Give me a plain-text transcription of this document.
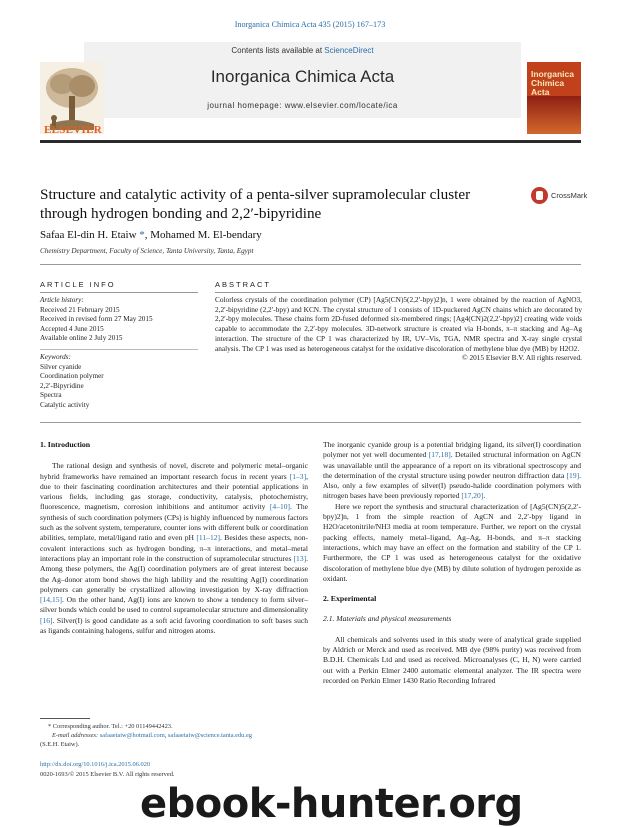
Inorganica Chimica Acta 435 (2015) 167–173
Contents lists available at ScienceDirect
Inorganica Chimica Acta
journal homepage: www.elsevier.com/locate/ica
ELSEVIER
Inorganica
Chimica Acta
Structure and catalytic activity of a penta-silver supramolecular cluster through hydrogen bonding and 2,2′-bipyridine
CrossMark
Safaa El-din H. Etaiw *, Mohamed M. El-bendary
Chemistry Department, Faculty of Science, Tanta University, Tanta, Egypt
ARTICLE INFO
Article history:
Received 21 February 2015
Received in revised form 27 May 2015
Accepted 4 June 2015
Available online 2 July 2015
Keywords:
Silver cyanide
Coordination polymer
2,2′-Bipyridine
Spectra
Catalytic activity
ABSTRACT
Colorless crystals of the coordination polymer (CP) [Ag5(CN)5(2,2′-bpy)2]n, 1 were obtained by the reaction of AgNO3, 2,2′-bipyridine (2,2′-bpy) and KCN. The crystal structure of 1 consists of 1D-puckered AgCN chains which are decorated by 2,2′-bpy molecules. These chains form 2D-fused deformed six-membered rings; [Ag4(CN)2(2,2′-bpy)2] creating wide voids capable to accommodate the 2,2′-bpy molecules. 3D-network structure is created via H-bonds, π–π stacking and Ag–Ag interaction. The structure of the CP 1 was characterized by IR, UV–Vis, TGA, NMR spectra and X-ray single crystal analysis. The CP 1 was used as heterogeneous catalyst for the oxidative discoloration of methylene blue dye (MB) by H2O2.
© 2015 Elsevier B.V. All rights reserved.
1. Introduction

The rational design and synthesis of novel, discrete and polymeric metal–organic hybrid frameworks have remained an important research focus in recent years [1–3], due to their fascinating coordination architectures and their potential applications in various fields, including gas storage, conductivity, catalysis, photochemistry, fluorescence, magnetism, corrosion inhibitions and antitumor activity [4–10]. The synthesis of such coordination polymers (CPs) is highly influenced by numerous factors such as the solvent system, temperature, counter ions with different bulk or coordination abilities, template, metal/ligand ratio and even pH [11–12]. Besides these aspects, non-covalent interactions such as hydrogen bonding, π–π interactions, and metal–metal interactions play an important role in the construction of supramolecular structures [13]. Among these polymers, the Ag(I) coordination polymers are of great interest because the Ag–donor atom bond shows the high lability and the resulting Ag(I) coordination polymers can generally be crystallized allowing investigation by X-ray diffraction [14,15]. On the other hand, Ag(I) ions are known to show a tendency to form silver–silver bonds which could be used to control supramolecular structure and dimensionality [16]. Silver(I) is good candidate as a soft acid favoring coordination to soft bases such as ligands containing halogens, sulfur and nitrogen atoms.

The inorganic cyanide group is a potential bridging ligand, its silver(I) coordination polymer not yet well documented [17,18]. Detailed structural information on AgCN was unavailable until the appearance of a report on its vibrational spectroscopy and the determination of the crystal structure using powder neutron diffraction data [19]. Also, only a few examples of silver(I) pseudo-halide coordination polymers with nitrogen bases have been previously reported [17,20].

Here we report the synthesis and structural characterization of [Ag5(CN)5(2,2′-bpy)2]n, 1 from the simple reaction of AgCN and 2,2′-bpy ligand in H2O/acetonitrile/NH3 media at room temperature. Further, we report on the crystal packing effects, namely metal–ligand, Ag–Ag, H-bonds, and π–π stacking interactions, which may have an effect on the formation and stability of the CP 1. Furthermore, the CP 1 was used as heterogeneous catalyst for the oxidative discoloration of methylene blue dye (MB) by dilute solution of hydrogen peroxide as oxidant.

2. Experimental
2.1. Materials and physical measurements

All chemicals and solvents used in this study were of analytical grade supplied by Aldrich or Merck and used as received. MB dye (98% purity) was received from B.D.H. Chemicals Ltd and used as received. Microanalyses (C, H, N) were carried out with a Perkin Elmer 2400 automatic elemental analyzer. The IR spectra were recorded on Perkin Elmer 1430 Ratio Recording Infrared

* Corresponding author. Tel.: +20 01149442423.
E-mail addresses: safaaetaiw@hotmail.com, safaaetaiw@science.tanta.edu.eg
(S.E.H. Etaiw).
http://dx.doi.org/10.1016/j.ica.2015.06.020
0020-1693/© 2015 Elsevier B.V. All rights reserved.
ebook-hunter.org
